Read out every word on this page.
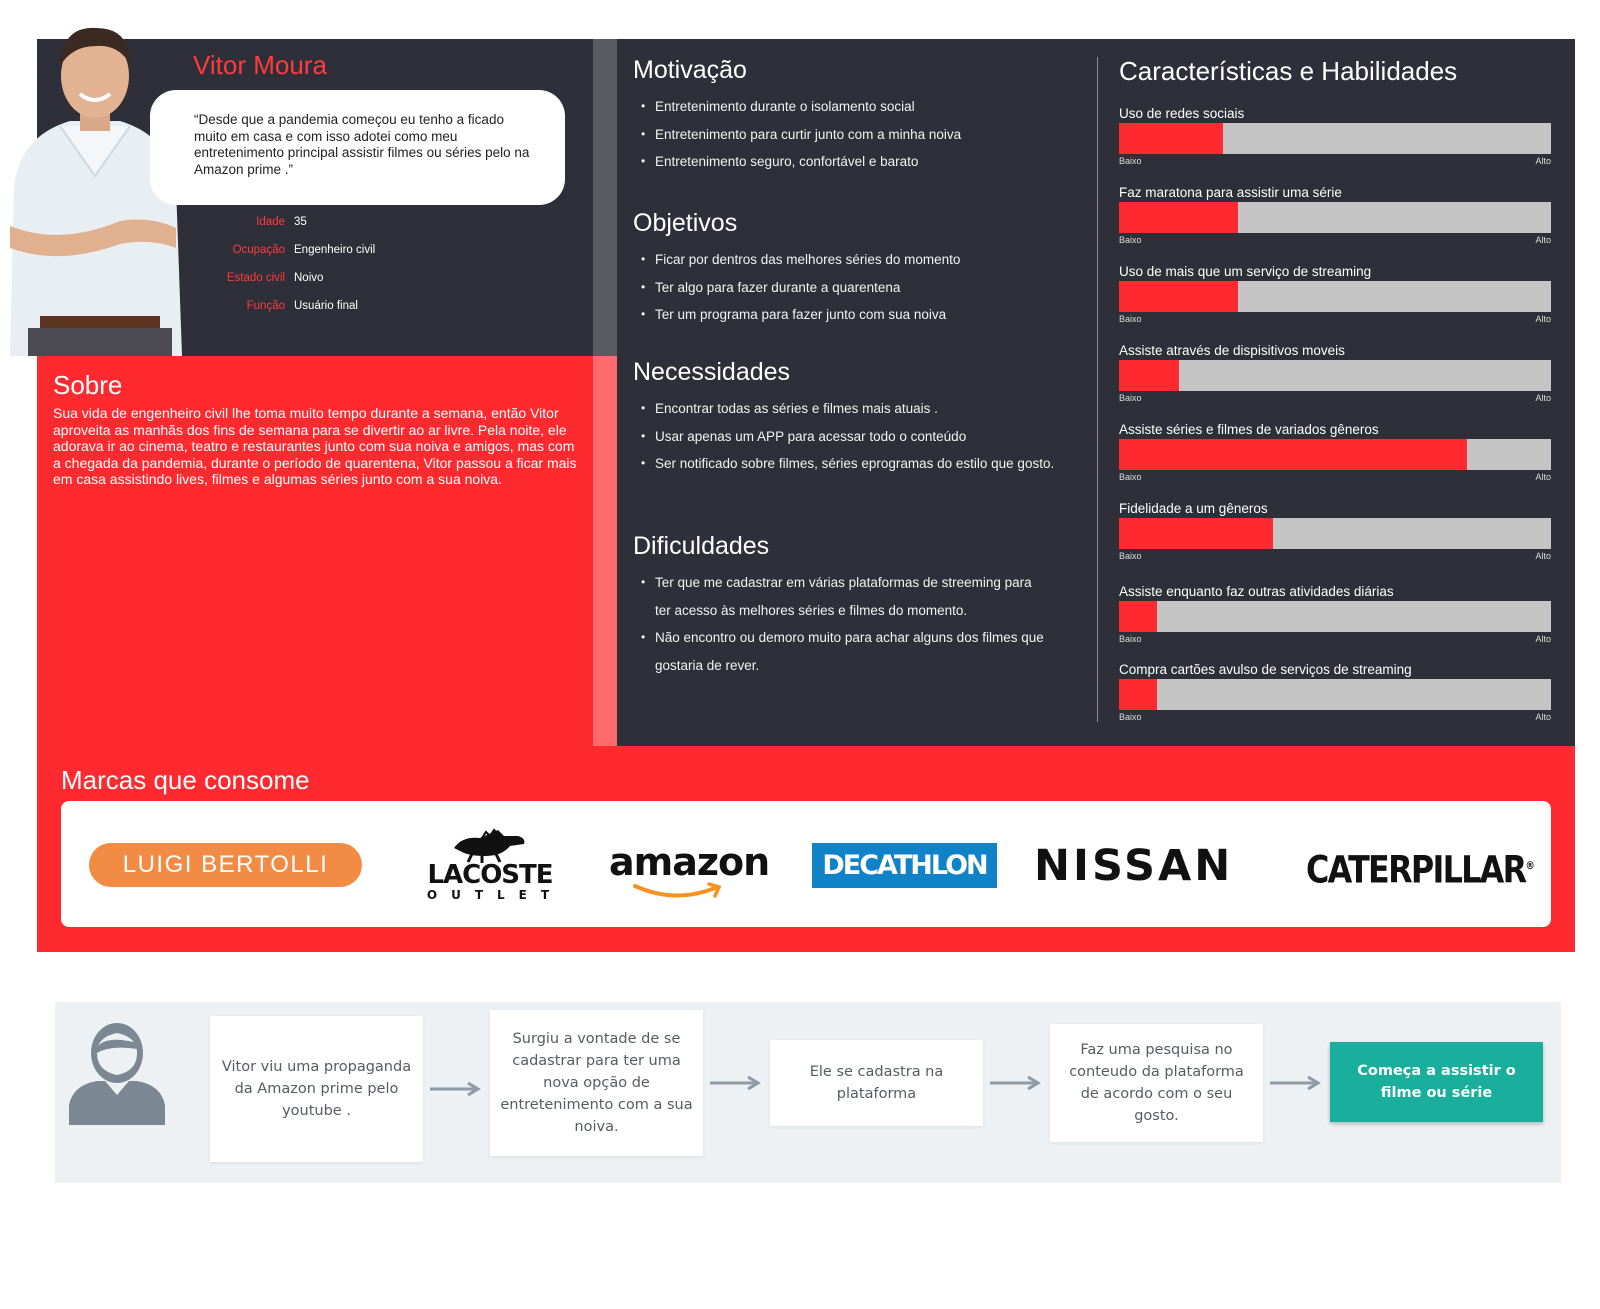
Sobre
Sua vida de engenheiro civil lhe toma muito tempo durante a semana, então Vitor aproveita as manhãs dos fins de semana para se divertir ao ar livre. Pela noite, ele adorava ir ao cinema, teatro e restaurantes junto com sua noiva e amigos, mas com a chegada da pandemia, durante o período de quarentena, Vitor passou a ficar mais em casa assistindo lives, filmes e algumas séries junto com a sua noiva.
Vitor Moura
“Desde que a pandemia começou eu tenho a ficado muito em casa e com isso adotei como meu entretenimento principal assistir filmes ou séries pelo na Amazon prime .”
Idade 35
Ocupação Engenheiro civil
Estado civil Noivo
Função Usuário final
Motivação
• Entretenimento durante o isolamento social
• Entretenimento para curtir junto com a minha noiva
• Entretenimento seguro, confortável e barato
Objetivos
• Ficar por dentros das melhores séries do momento
• Ter algo para fazer durante a quarentena
• Ter um programa para fazer junto com sua noiva
Necessidades
• Encontrar todas as séries e filmes mais atuais .
• Usar apenas um APP para acessar todo o conteúdo
• Ser notificado sobre filmes, séries eprogramas do estilo que gosto.
Dificuldades
• Ter que me cadastrar em várias plataformas de streeming para
ter acesso às melhores séries e filmes do momento.
• Não encontro ou demoro muito para achar alguns dos filmes que
gostaria de rever.
Características e Habilidades
Uso de redes sociais
Baixo	Alto
Faz maratona para assistir uma série
Baixo	Alto
Uso de mais que um serviço de streaming
Baixo	Alto
Assiste através de dispisitivos moveis
Baixo	Alto
Assiste séries e filmes de variados gêneros
Baixo	Alto
Fidelidade a um gêneros
Baixo	Alto
Assiste enquanto faz outras atividades diárias
Baixo	Alto
Compra cartões avulso de serviços de streaming
Baixo	Alto
Marcas que consome
LUIGI BERTOLLI	LACOSTE
OUTLET
amazon	DECATHLON NISSAN	CATERPILLAR®
Vitor viu uma propaganda da Amazon prime pelo youtube .
Surgiu a vontade de se cadastrar para ter uma nova opção de entretenimento com a sua noiva.
Ele se cadastra na plataforma
Faz uma pesquisa no conteudo da plataforma de acordo com o seu gosto.
Começa a assistir o filme ou série
